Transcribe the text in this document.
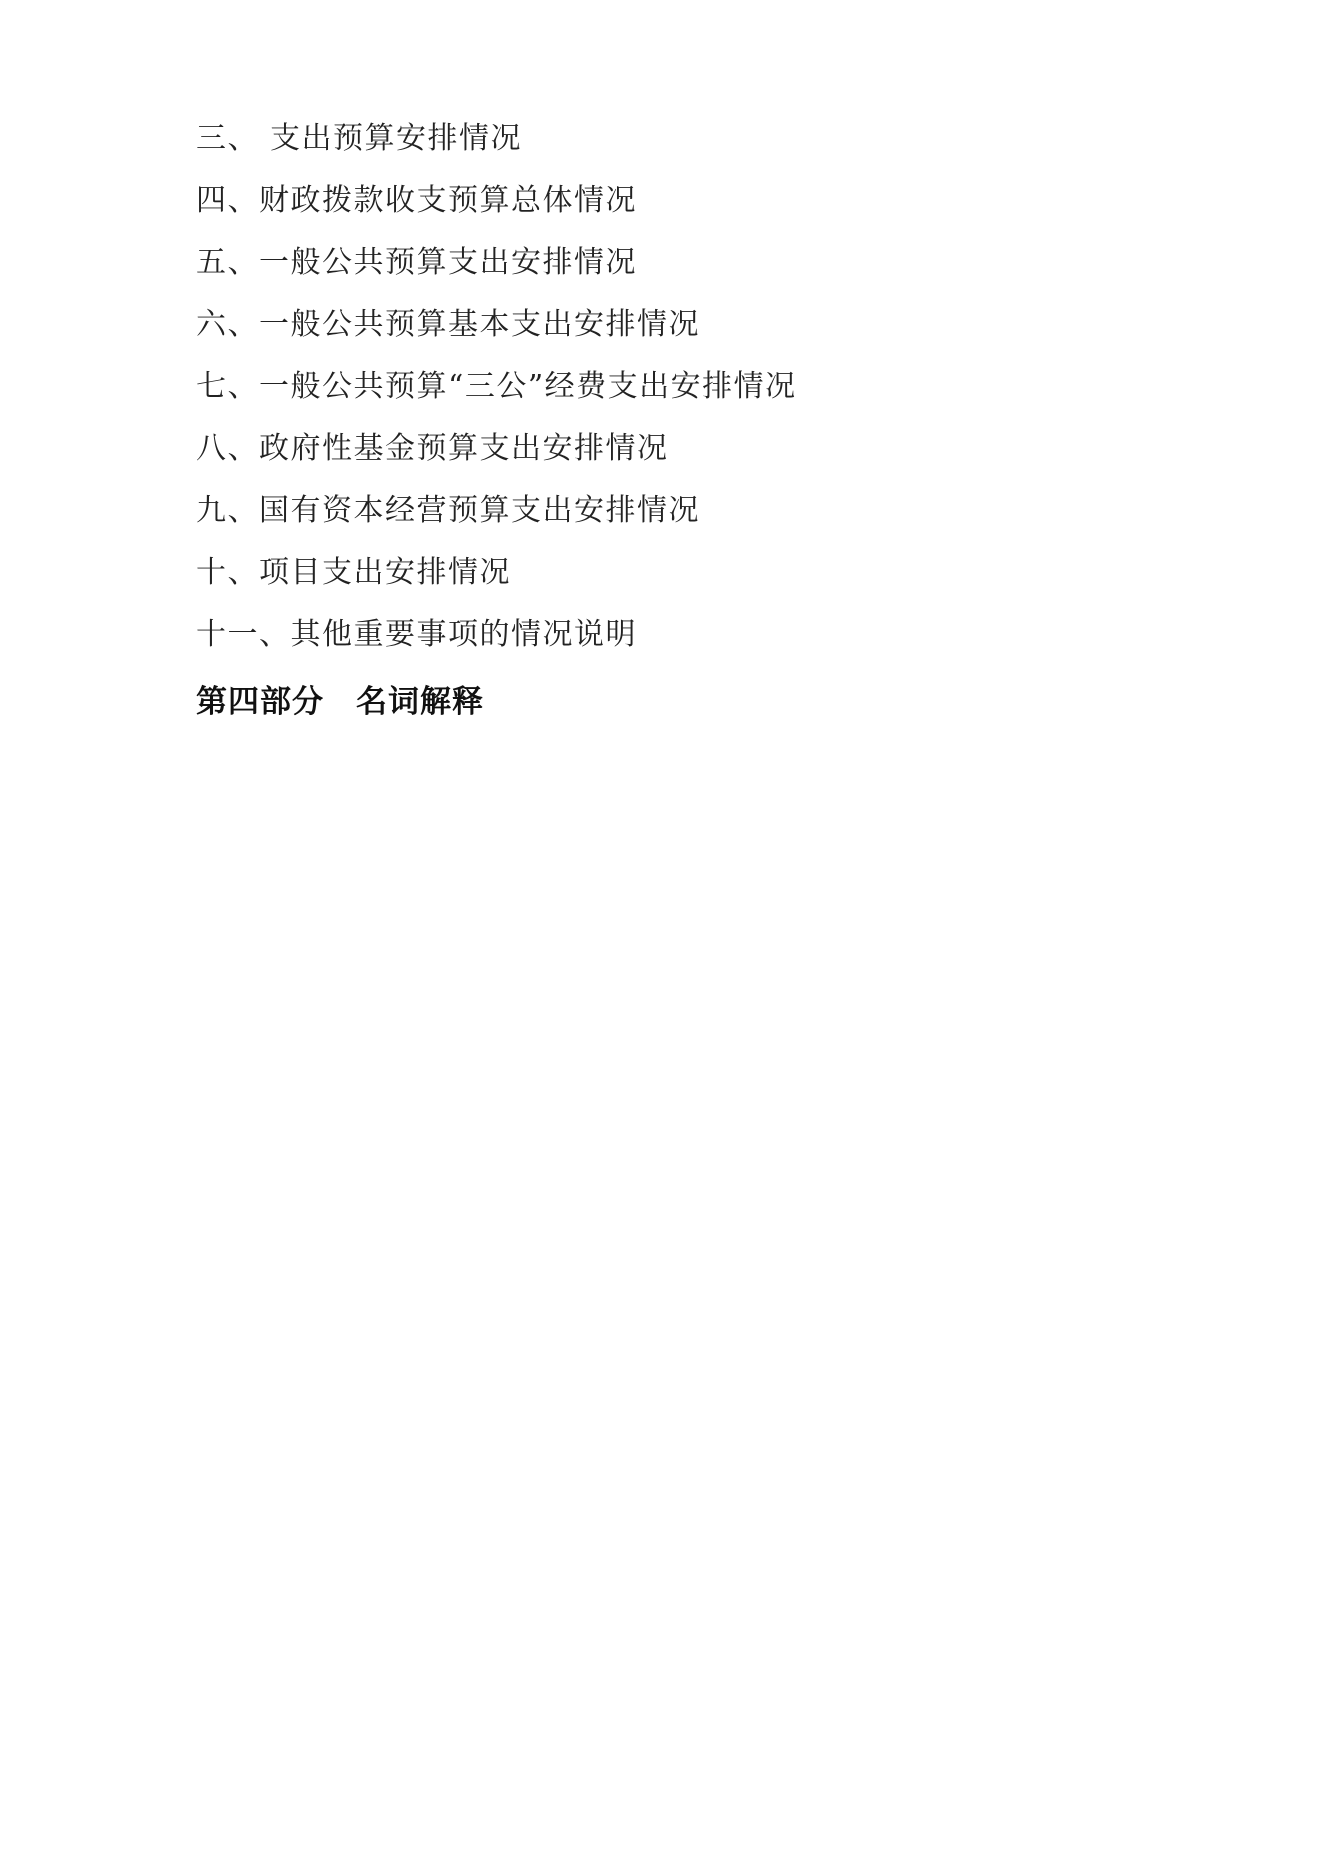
三、 支出预算安排情况
四、财政拨款收支预算总体情况
五、一般公共预算支出安排情况
六、一般公共预算基本支出安排情况
七、一般公共预算“三公”经费支出安排情况
八、政府性基金预算支出安排情况
九、国有资本经营预算支出安排情况
十、项目支出安排情况
十一、其他重要事项的情况说明
第四部分　名词解释
